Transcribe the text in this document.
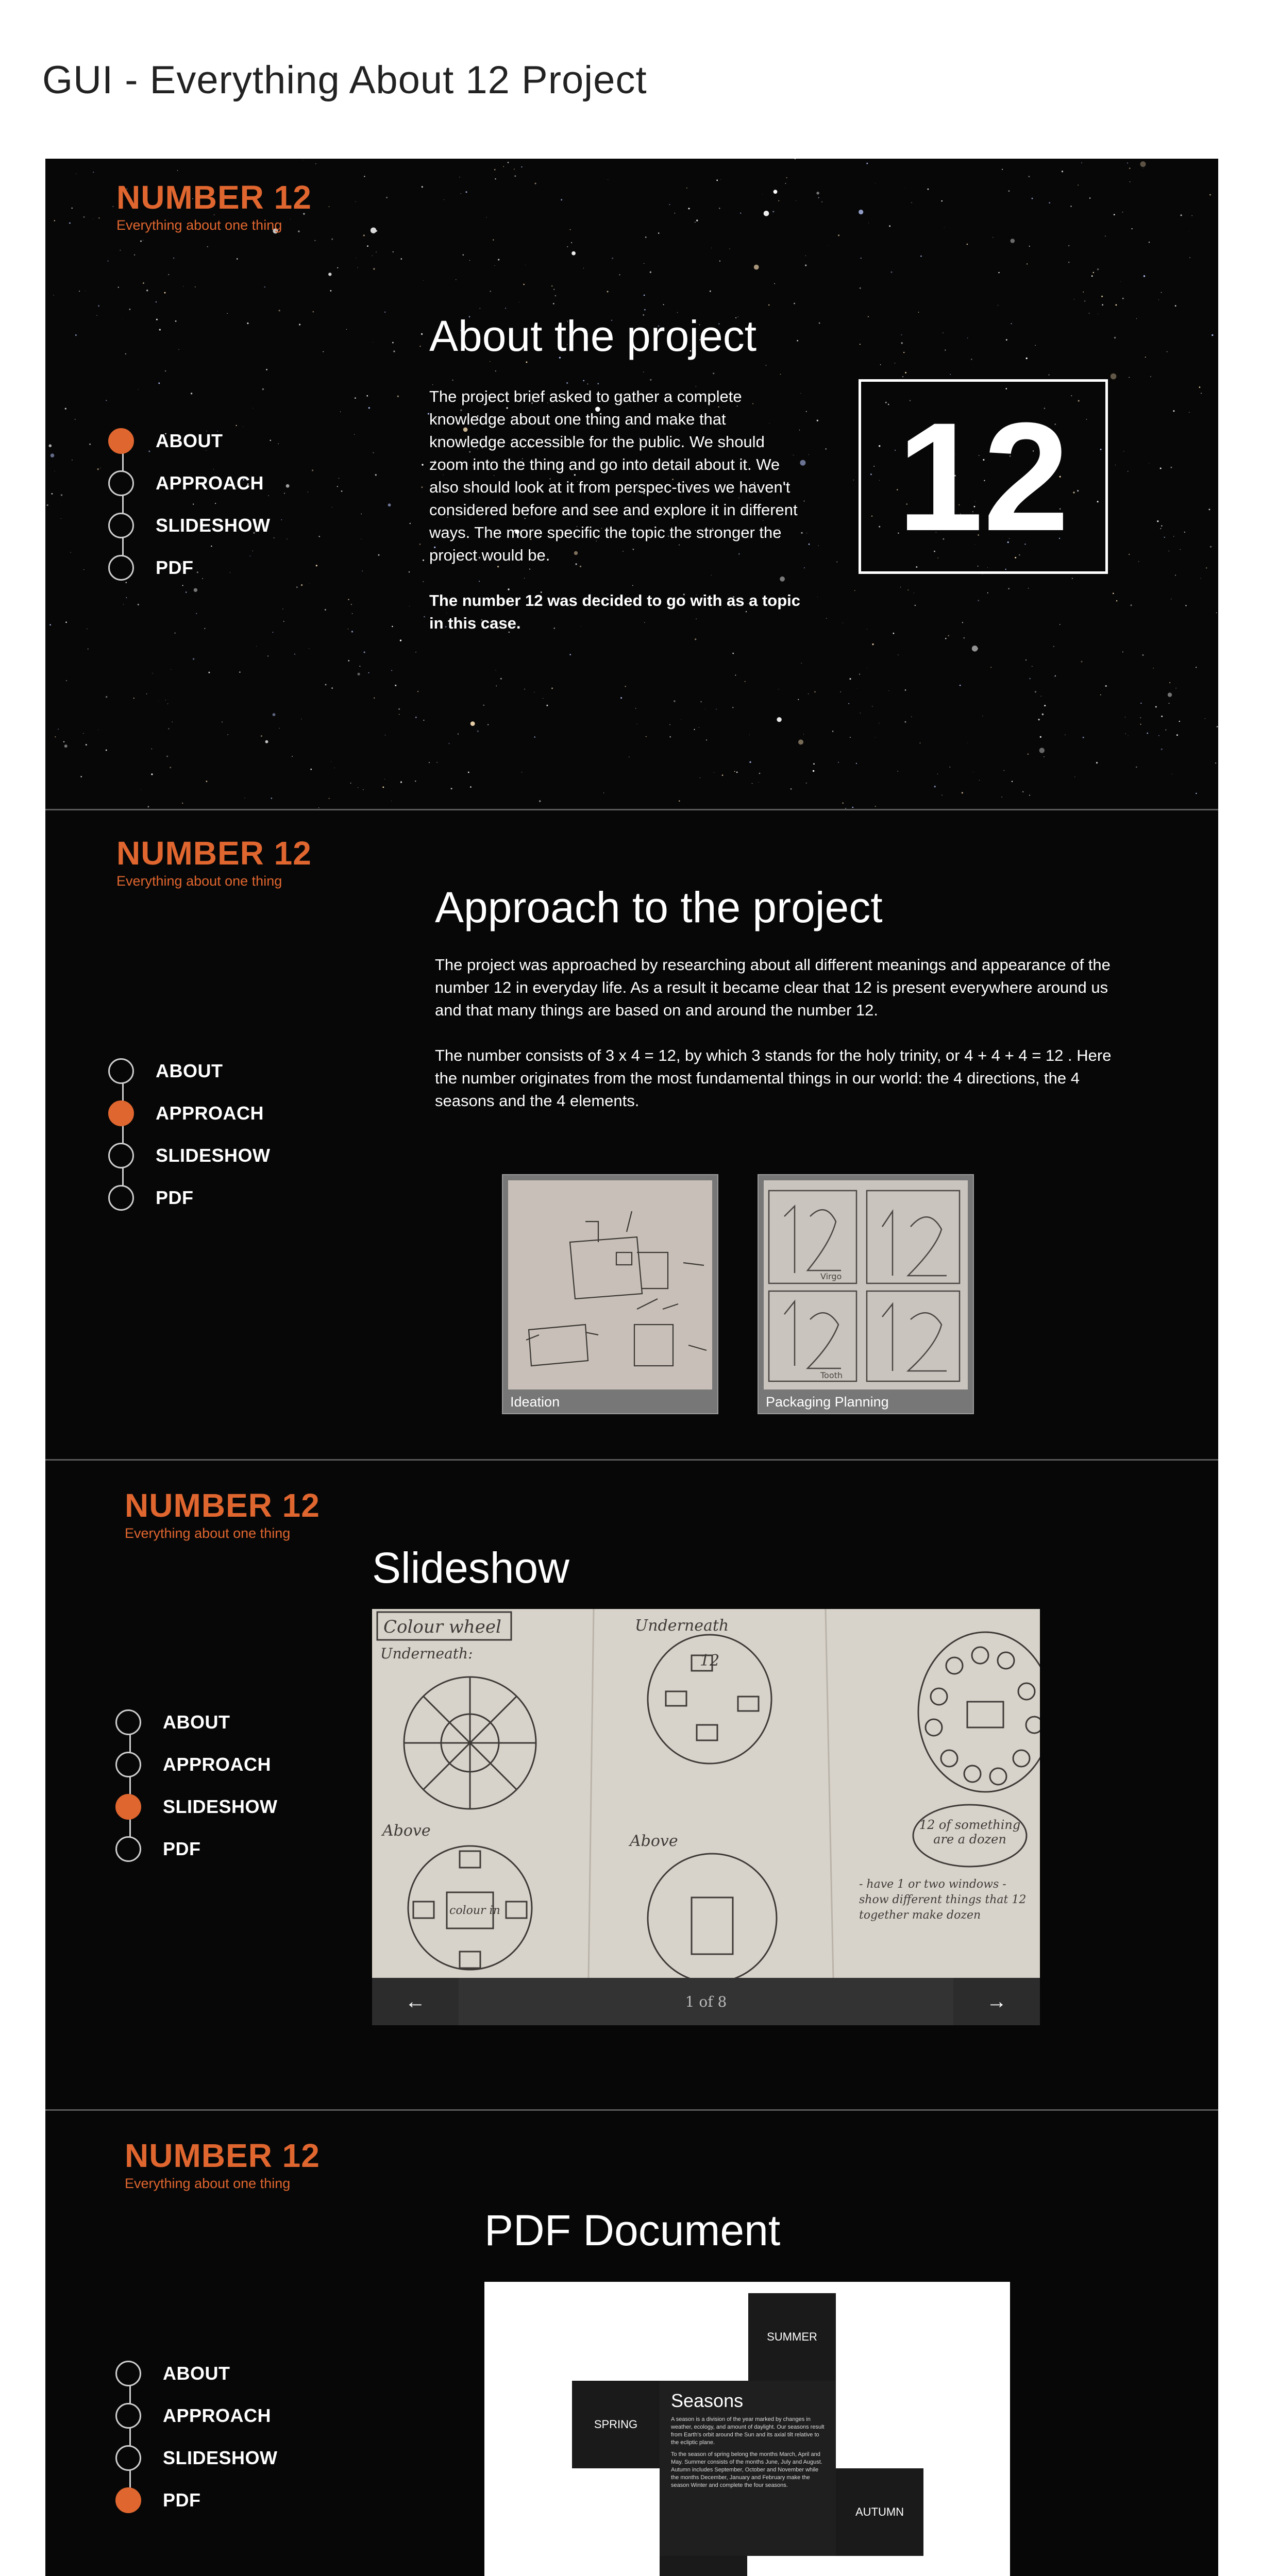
GUI - Everything About 12 Project
NUMBER 12
Everything about one thing
ABOUT
APPROACH
SLIDESHOW
PDF
About the project

The project brief asked to gather a complete knowledge about one thing and make that knowledge accessible for the public. We should zoom into the thing and go into detail about it. We also should look at it from perspec-tives we haven't considered before and see and explore it in different ways. The more specific the topic the stronger the project would be.

The number 12 was decided to go with as a topic in this case.

12
NUMBER 12
Everything about one thing
ABOUT
APPROACH
SLIDESHOW
PDF
Approach to the project

The project was approached by researching about all different meanings and appearance of the number 12 in everyday life. As a result it became clear that 12 is present everywhere around us and that many things are based on and around the number 12.

The number consists of 3 x 4 = 12, by which 3 stands for the holy trinity, or 4 + 4 + 4 = 12 . Here the number originates from the most fundamental things in our world: the 4 directions, the 4 seasons and the 4 elements.

Ideation
Virgo
Tooth
Packaging Planning
NUMBER 12
Everything about one thing
ABOUT
APPROACH
SLIDESHOW
PDF
Slideshow
Colour wheel
Underneath:
Underneath
12
Above
Above
colour in
12 of something are a dozen
- have 1 or two windows - show different things that 12 together make dozen
←	1 of 8	→
NUMBER 12
Everything about one thing
ABOUT
APPROACH
SLIDESHOW
PDF
PDF Document
SUMMER
SPRING
Seasons
A season is a division of the year marked by changes in weather, ecology, and amount of daylight. Our seasons result from Earth's orbit around the Sun and its axial tilt relative to the ecliptic plane.
To the season of spring belong the months March, April and May. Summer consists of the months June, July and August. Autumn includes September, October and November while the months December, January and February make the season Winter and complete the four seasons.
AUTUMN
